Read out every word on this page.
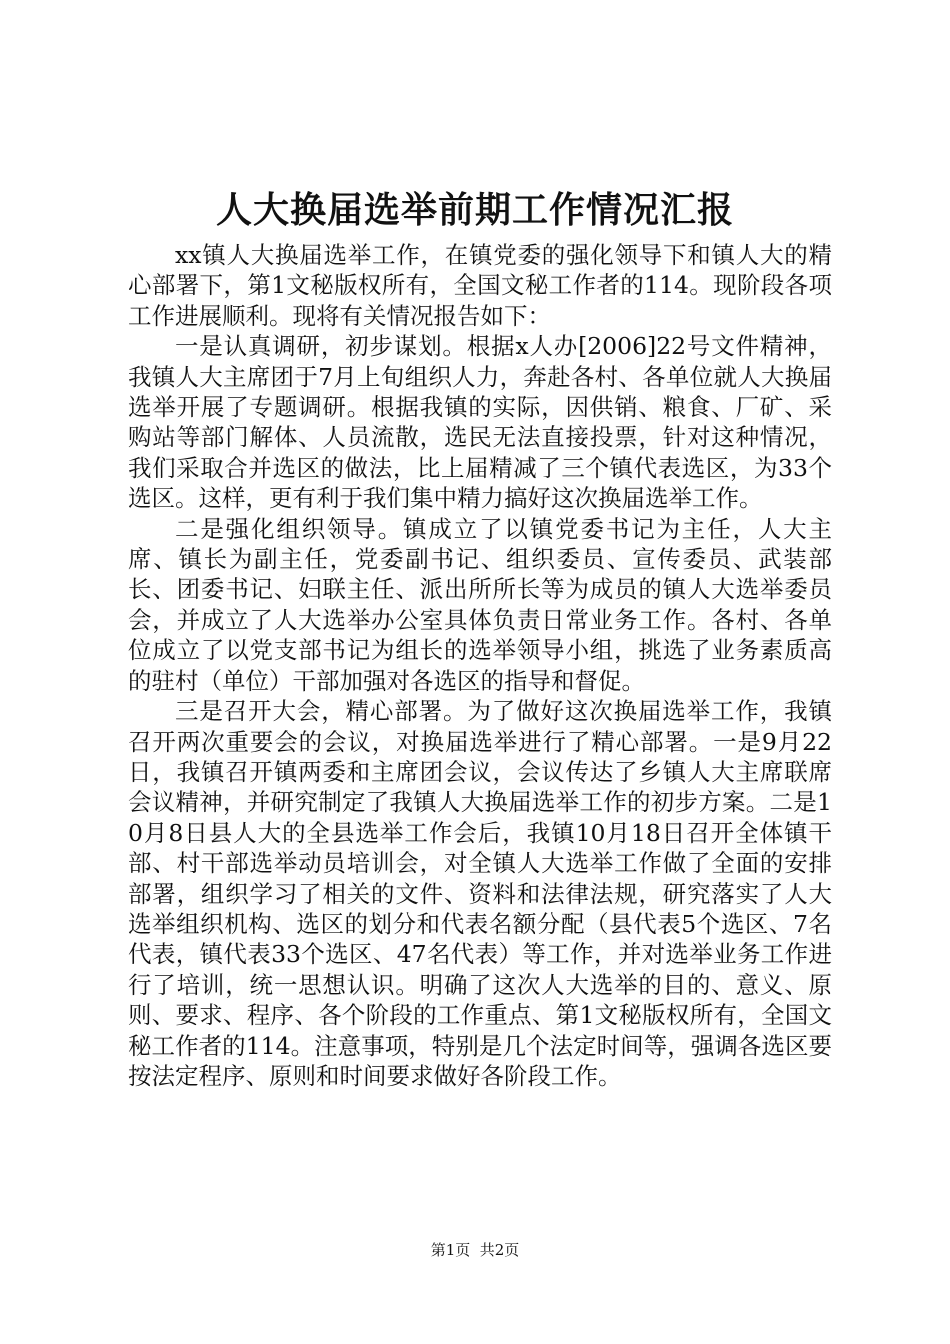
人大换届选举前期工作情况汇报

xx镇人大换届选举工作，在镇党委的强化领导下和镇人大的精心部署下，第1文秘版权所有，全国文秘工作者的114。现阶段各项工作进展顺利。现将有关情况报告如下：

一是认真调研，初步谋划。根据x人办[2006]22号文件精神，我镇人大主席团于7月上旬组织人力，奔赴各村、各单位就人大换届选举开展了专题调研。根据我镇的实际，因供销、粮食、厂矿、采购站等部门解体、人员流散，选民无法直接投票，针对这种情况，我们采取合并选区的做法，比上届精减了三个镇代表选区，为33个选区。这样，更有利于我们集中精力搞好这次换届选举工作。

二是强化组织领导。镇成立了以镇党委书记为主任，人大主席、镇长为副主任，党委副书记、组织委员、宣传委员、武装部长、团委书记、妇联主任、派出所所长等为成员的镇人大选举委员会，并成立了人大选举办公室具体负责日常业务工作。各村、各单位成立了以党支部书记为组长的选举领导小组，挑选了业务素质高的驻村（单位）干部加强对各选区的指导和督促。

三是召开大会，精心部署。为了做好这次换届选举工作，我镇召开两次重要会的会议，对换届选举进行了精心部署。一是9月22日，我镇召开镇两委和主席团会议，会议传达了乡镇人大主席联席会议精神，并研究制定了我镇人大换届选举工作的初步方案。二是10月8日县人大的全县选举工作会后，我镇10月18日召开全体镇干部、村干部选举动员培训会，对全镇人大选举工作做了全面的安排部署，组织学习了相关的文件、资料和法律法规，研究落实了人大选举组织机构、选区的划分和代表名额分配（县代表5个选区、7名代表，镇代表33个选区、47名代表）等工作，并对选举业务工作进行了培训，统一思想认识。明确了这次人大选举的目的、意义、原则、要求、程序、各个阶段的工作重点、第1文秘版权所有，全国文秘工作者的114。注意事项，特别是几个法定时间等，强调各选区要按法定程序、原则和时间要求做好各阶段工作。

第1页  共2页
